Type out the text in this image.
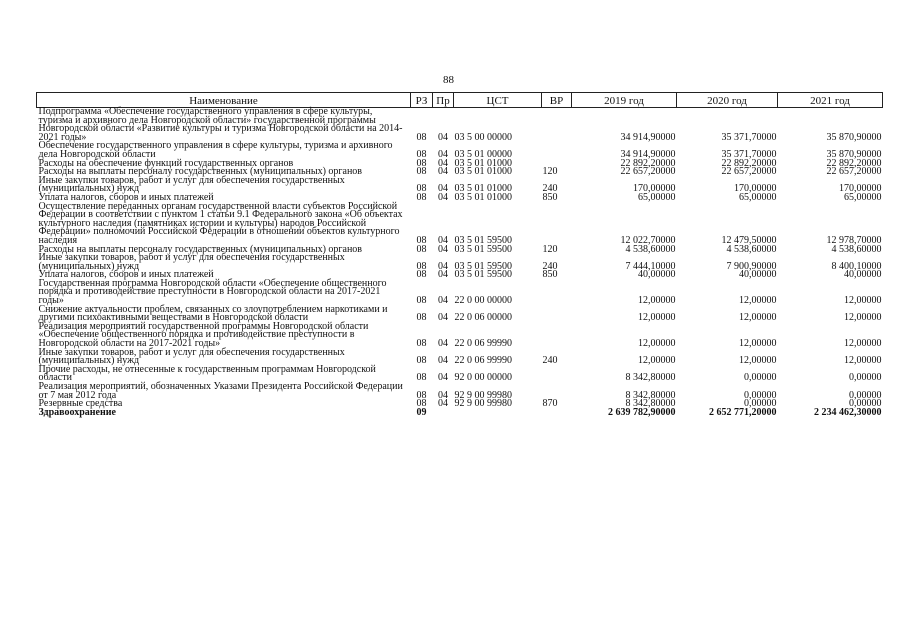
88
Наименование	РЗ	Пр	ЦСТ	ВР	2019 год	2020 год	2021 год
Подпрограмма «Обеспечение государственного управления в сфере культуры, туризма и архивного дела Новгородской области» государственной программы Новгородской области «Развитие культуры и туризма Новгородской области на 2014-2021 годы»	08	04	03 5 00 00000		34 914,90000	35 371,70000	35 870,90000
Обеспечение государственного управления в сфере культуры, туризма и архивного дела Новгородской области	08	04	03 5 01 00000		34 914,90000	35 371,70000	35 870,90000
Расходы на обеспечение функций государственных органов	08	04	03 5 01 01000		22 892,20000	22 892,20000	22 892,20000
Расходы на выплаты персоналу государственных (муниципальных) органов	08	04	03 5 01 01000	120	22 657,20000	22 657,20000	22 657,20000
Иные закупки товаров, работ и услуг для обеспечения государственных (муниципальных) нужд	08	04	03 5 01 01000	240	170,00000	170,00000	170,00000
Уплата налогов, сборов и иных платежей	08	04	03 5 01 01000	850	65,00000	65,00000	65,00000
Осуществление переданных органам государственной власти субъектов Российской Федерации в соответствии с пунктом 1 статьи 9.1 Федерального закона «Об объектах культурного наследия (памятниках истории и культуры) народов Российской Федерации» полномочий Российской Федерации в отношении объектов культурного наследия	08	04	03 5 01 59500		12 022,70000	12 479,50000	12 978,70000
Расходы на выплаты персоналу государственных (муниципальных) органов	08	04	03 5 01 59500	120	4 538,60000	4 538,60000	4 538,60000
Иные закупки товаров, работ и услуг для обеспечения государственных (муниципальных) нужд	08	04	03 5 01 59500	240	7 444,10000	7 900,90000	8 400,10000
Уплата налогов, сборов и иных платежей	08	04	03 5 01 59500	850	40,00000	40,00000	40,00000
Государственная программа Новгородской области «Обеспечение общественного порядка и противодействие преступности в Новгородской области на 2017-2021 годы»	08	04	22 0 00 00000		12,00000	12,00000	12,00000
Снижение актуальности проблем, связанных со злоупотреблением наркотиками и другими психоактивными веществами в Новгородской области	08	04	22 0 06 00000		12,00000	12,00000	12,00000
Реализация мероприятий государственной программы Новгородской области «Обеспечение общественного порядка и противодействие преступности в Новгородской области на 2017-2021 годы»	08	04	22 0 06 99990		12,00000	12,00000	12,00000
Иные закупки товаров, работ и услуг для обеспечения государственных (муниципальных) нужд	08	04	22 0 06 99990	240	12,00000	12,00000	12,00000
Прочие расходы, не отнесенные к государственным программам Новгородской области	08	04	92 0 00 00000		8 342,80000	0,00000	0,00000
Реализация мероприятий, обозначенных Указами Президента Российской Федерации от 7 мая 2012 года	08	04	92 9 00 99980		8 342,80000	0,00000	0,00000
Резервные средства	08	04	92 9 00 99980	870	8 342,80000	0,00000	0,00000
Здравоохранение	09				2 639 782,90000	2 652 771,20000	2 234 462,30000
